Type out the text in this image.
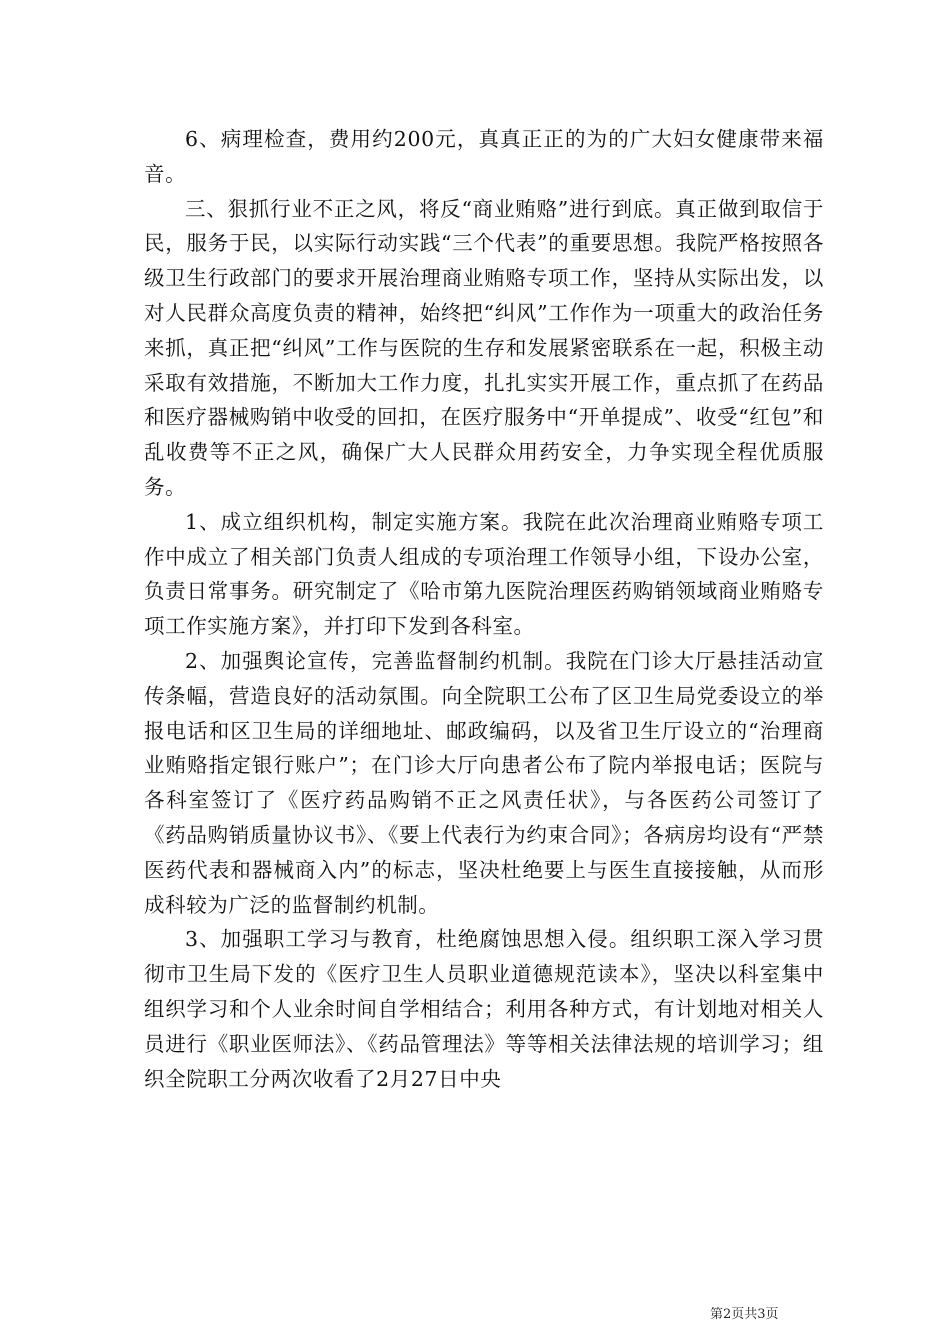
6、病理检查，费用约200元，真真正正的为的广大妇女健康带来福音。

三、狠抓行业不正之风，将反“商业贿赂”进行到底。真正做到取信于民，服务于民，以实际行动实践“三个代表”的重要思想。我院严格按照各级卫生行政部门的要求开展治理商业贿赂专项工作，坚持从实际出发，以对人民群众高度负责的精神，始终把“纠风”工作作为一项重大的政治任务来抓，真正把“纠风”工作与医院的生存和发展紧密联系在一起，积极主动采取有效措施，不断加大工作力度，扎扎实实开展工作，重点抓了在药品和医疗器械购销中收受的回扣，在医疗服务中“开单提成”、收受“红包”和乱收费等不正之风，确保广大人民群众用药安全，力争实现全程优质服务。

1、成立组织机构，制定实施方案。我院在此次治理商业贿赂专项工作中成立了相关部门负责人组成的专项治理工作领导小组，下设办公室，负责日常事务。研究制定了《哈市第九医院治理医药购销领域商业贿赂专项工作实施方案》，并打印下发到各科室。

2、加强舆论宣传，完善监督制约机制。我院在门诊大厅悬挂活动宣传条幅，营造良好的活动氛围。向全院职工公布了区卫生局党委设立的举报电话和区卫生局的详细地址、邮政编码，以及省卫生厅设立的“治理商业贿赂指定银行账户”；在门诊大厅向患者公布了院内举报电话；医院与各科室签订了《医疗药品购销不正之风责任状》，与各医药公司签订了《药品购销质量协议书》、《要上代表行为约束合同》；各病房均设有“严禁医药代表和器械商入内”的标志，坚决杜绝要上与医生直接接触，从而形成科较为广泛的监督制约机制。

3、加强职工学习与教育，杜绝腐蚀思想入侵。组织职工深入学习贯彻市卫生局下发的《医疗卫生人员职业道德规范读本》，坚决以科室集中组织学习和个人业余时间自学相结合；利用各种方式，有计划地对相关人员进行《职业医师法》、《药品管理法》等等相关法律法规的培训学习；组织全院职工分两次收看了2月27日中央

第2页共3页
